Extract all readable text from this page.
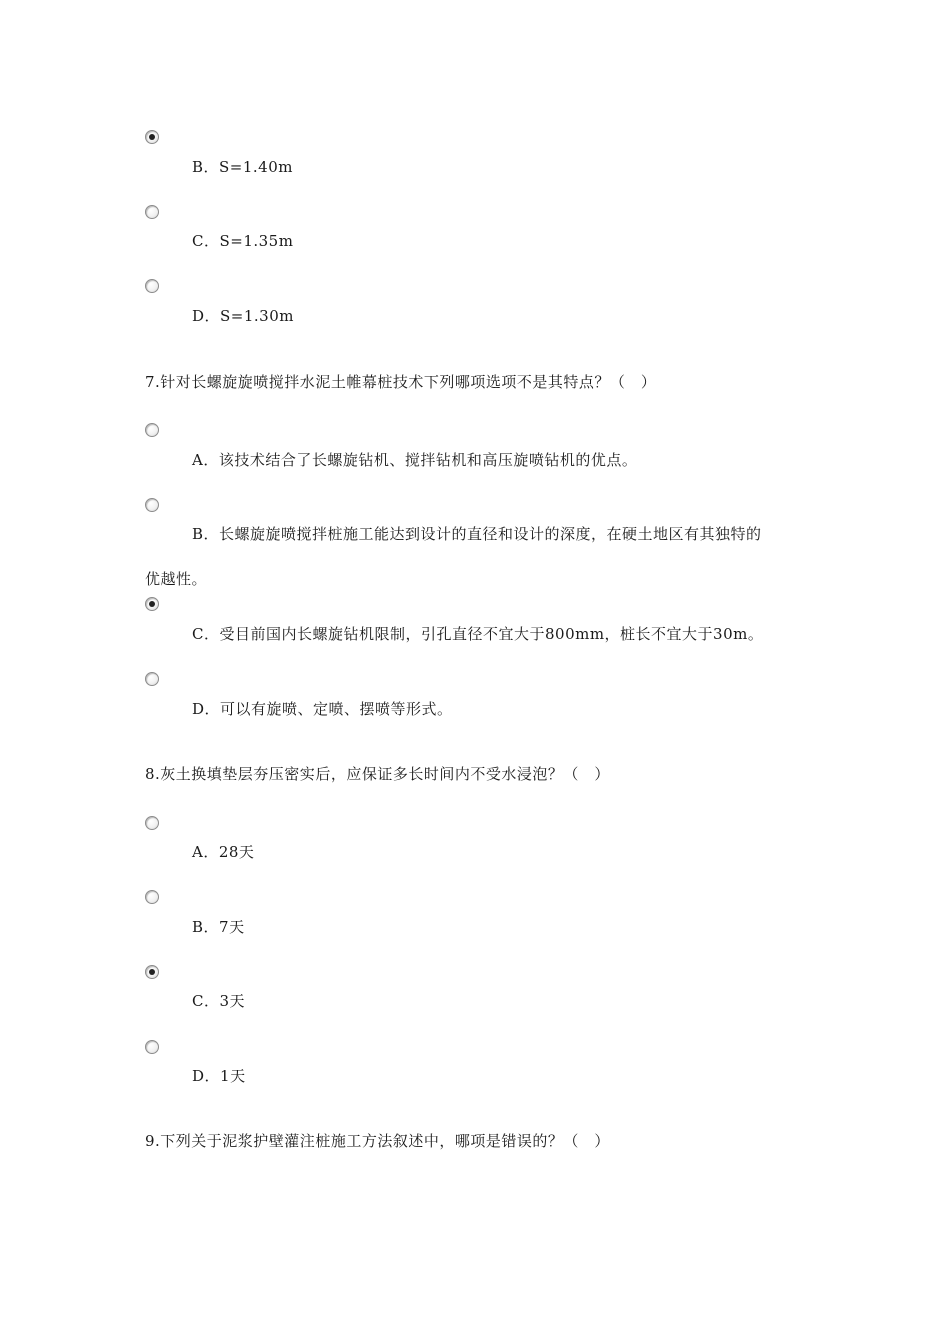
B．S=1.40m
C．S=1.35m
D．S=1.30m
7.针对长螺旋旋喷搅拌水泥土帷幕桩技术下列哪项选项不是其特点？（　）
A．该技术结合了长螺旋钻机、搅拌钻机和高压旋喷钻机的优点。
B．长螺旋旋喷搅拌桩施工能达到设计的直径和设计的深度，在硬土地区有其独特的
优越性。
C．受目前国内长螺旋钻机限制，引孔直径不宜大于800mm，桩长不宜大于30m。
D．可以有旋喷、定喷、摆喷等形式。
8.灰土换填垫层夯压密实后，应保证多长时间内不受水浸泡？（　）
A．28天
B．7天
C．3天
D．1天
9.下列关于泥浆护壁灌注桩施工方法叙述中，哪项是错误的？（　）
